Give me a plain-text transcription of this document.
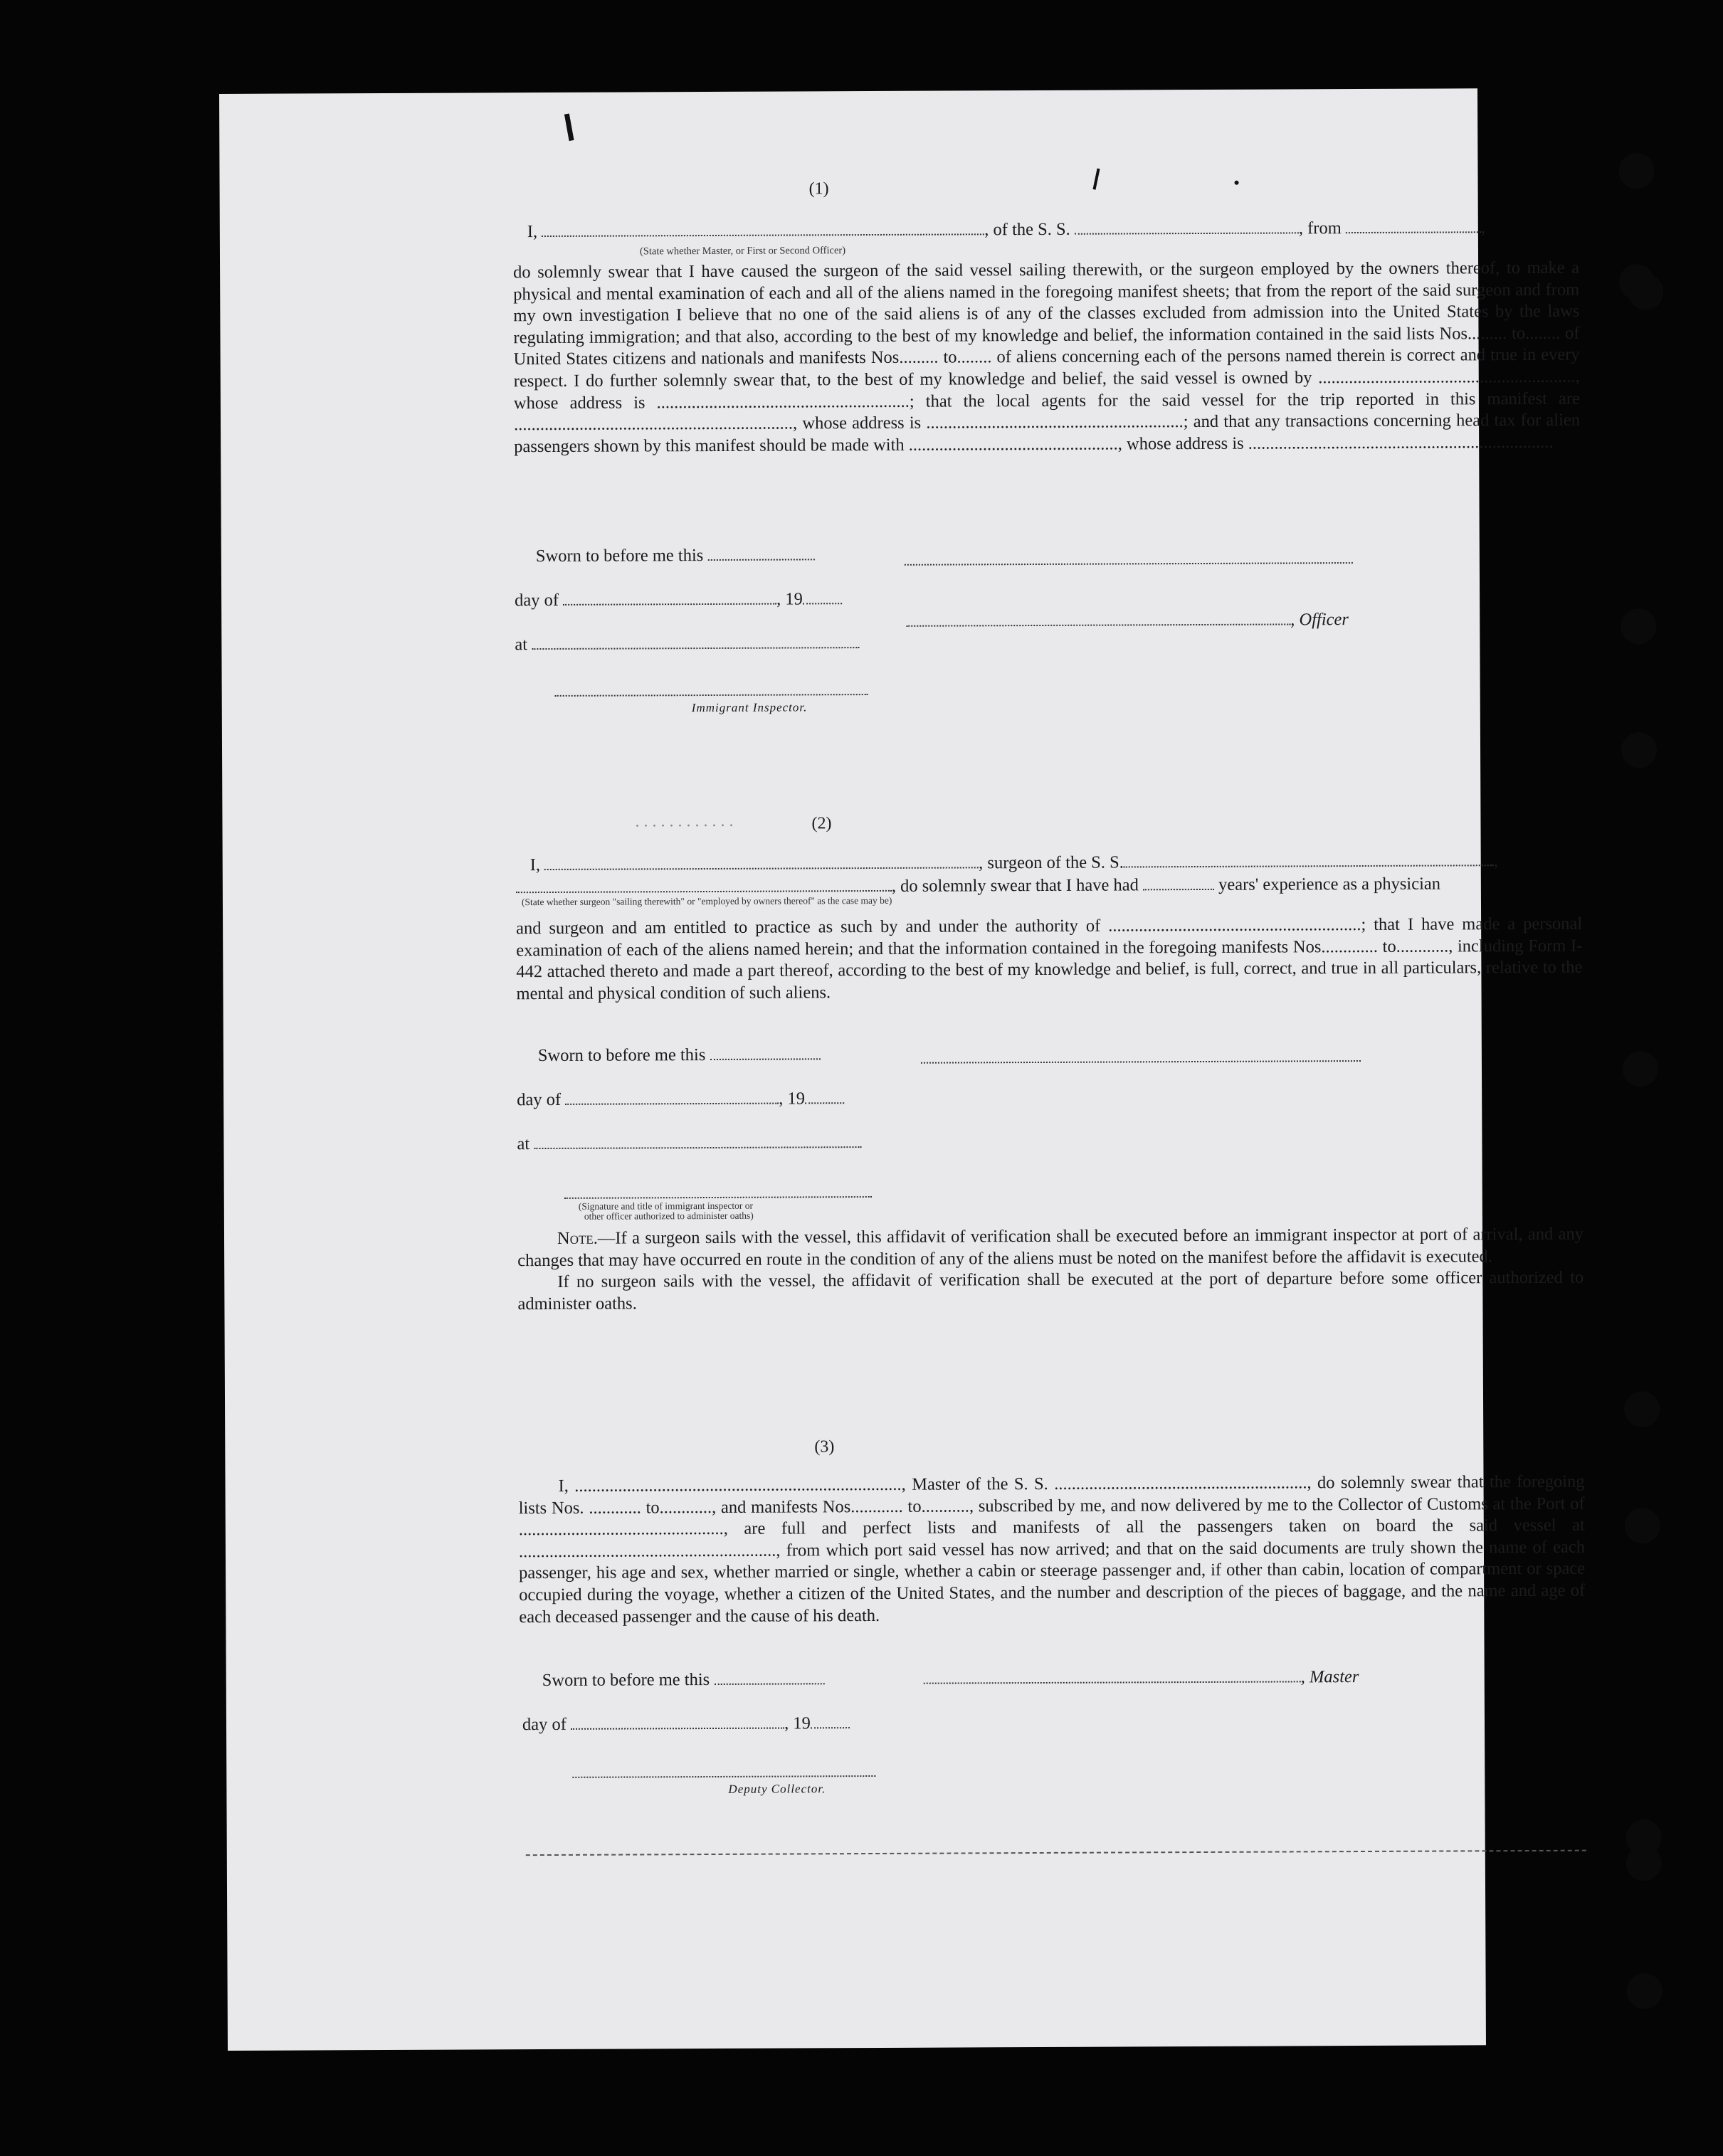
(1)
I,	, of the S. S.	, from	,
(State whether Master, or First or Second Officer)

do solemnly swear that I have caused the surgeon of the said vessel sailing therewith, or the surgeon employed by the owners thereof, to make a physical and mental examination of each and all of the aliens named in the foregoing manifest sheets; that from the report of the said surgeon and from my own investigation I believe that no one of the said aliens is of any of the classes excluded from admission into the United States by the laws regulating immigration; and that also, according to the best of my knowledge and belief, the information contained in the said lists Nos......... to........ of United States citizens and nationals and manifests Nos......... to........ of aliens concerning each of the persons named therein is correct and true in every respect. I do further solemnly swear that, to the best of my knowledge and belief, the said vessel is owned by ..........................................................., whose address is ..........................................................; that the local agents for the said vessel for the trip reported in this manifest are ................................................................, whose address is ...........................................................; and that any transactions concerning head tax for alien passengers shown by this manifest should be made with ................................................, whose address is ......................................................................

Sworn to before me this
day of	, 19
, Officer
at
Immigrant Inspector.
(2)
. . . . . . . . . . . .
I,	, surgeon of the S. S.	,
, do solemnly swear that I have had	years' experience as a physician
(State whether surgeon "sailing therewith" or "employed by owners thereof" as the case may be)

and surgeon and am entitled to practice as such by and under the authority of ..........................................................; that I have made a personal examination of each of the aliens named herein; and that the information contained in the foregoing manifests Nos............. to............, including Form I-442 attached thereto and made a part thereof, according to the best of my knowledge and belief, is full, correct, and true in all particulars, relative to the mental and physical condition of such aliens.

Sworn to before me this
day of	, 19
at
(Signature and title of immigrant inspector or
other officer authorized to administer oaths)

Note.—If a surgeon sails with the vessel, this affidavit of verification shall be executed before an immigrant inspector at port of arrival, and any changes that may have occurred en route in the condition of any of the aliens must be noted on the manifest before the affidavit is executed.

If no surgeon sails with the vessel, the affidavit of verification shall be executed at the port of departure before some officer authorized to administer oaths.

(3)

I, ..........................................................................., Master of the S. S. .........................................................., do solemnly swear that the foregoing lists Nos. ............ to............, and manifests Nos............ to..........., subscribed by me, and now delivered by me to the Collector of Customs at the Port of ..............................................., are full and perfect lists and manifests of all the passengers taken on board the said vessel at ..........................................................., from which port said vessel has now arrived; and that on the said documents are truly shown the name of each passenger, his age and sex, whether married or single, whether a cabin or steerage passenger and, if other than cabin, location of compartment or space occupied during the voyage, whether a citizen of the United States, and the number and description of the pieces of baggage, and the name and age of each deceased passenger and the cause of his death.

Sworn to before me this	, Master
day of	, 19
Deputy Collector.
